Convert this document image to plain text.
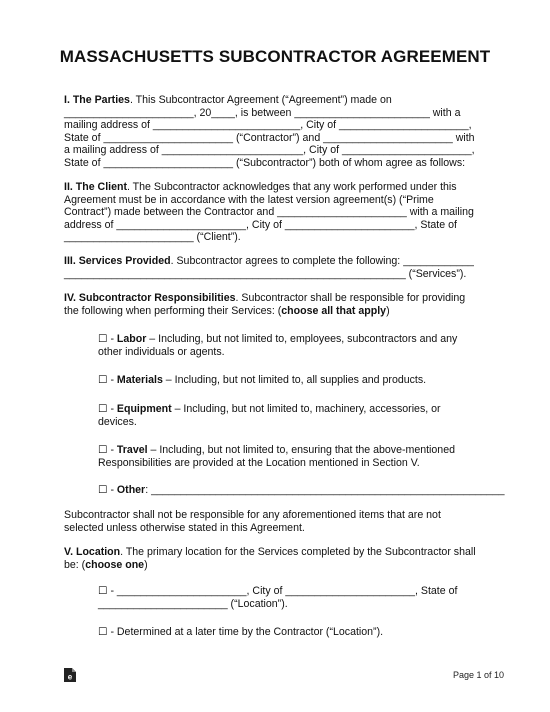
MASSACHUSETTS SUBCONTRACTOR AGREEMENT
I. The Parties. This Subcontractor Agreement (“Agreement”) made on
______________________, 20____, is between _______________________ with a
mailing address of _________________________, City of ______________________,
State of ______________________ (“Contractor”) and ______________________ with
a mailing address of ________________________, City of ______________________,
State of ______________________ (“Subcontractor”) both of whom agree as follows:
II. The Client. The Subcontractor acknowledges that any work performed under this
Agreement must be in accordance with the latest version agreement(s) (“Prime
Contract”) made between the Contractor and ______________________ with a mailing
address of ______________________, City of ______________________, State of
______________________ (“Client”).
III. Services Provided. Subcontractor agrees to complete the following: ____________
__________________________________________________________ (“Services”).
IV. Subcontractor Responsibilities. Subcontractor shall be responsible for providing
the following when performing their Services: (choose all that apply)
☐ - Labor – Including, but not limited to, employees, subcontractors and any
other individuals or agents.
☐ - Materials – Including, but not limited to, all supplies and products.
☐ - Equipment – Including, but not limited to, machinery, accessories, or
devices.
☐ - Travel – Including, but not limited to, ensuring that the above-mentioned
Responsibilities are provided at the Location mentioned in Section V.
☐ - Other: ____________________________________________________________
Subcontractor shall not be responsible for any aforementioned items that are not
selected unless otherwise stated in this Agreement.
V. Location. The primary location for the Services completed by the Subcontractor shall
be: (choose one)
☐ - ______________________, City of ______________________, State of
______________________ (“Location”).
☐ - Determined at a later time by the Contractor (“Location”).
e	Page 1 of 10
